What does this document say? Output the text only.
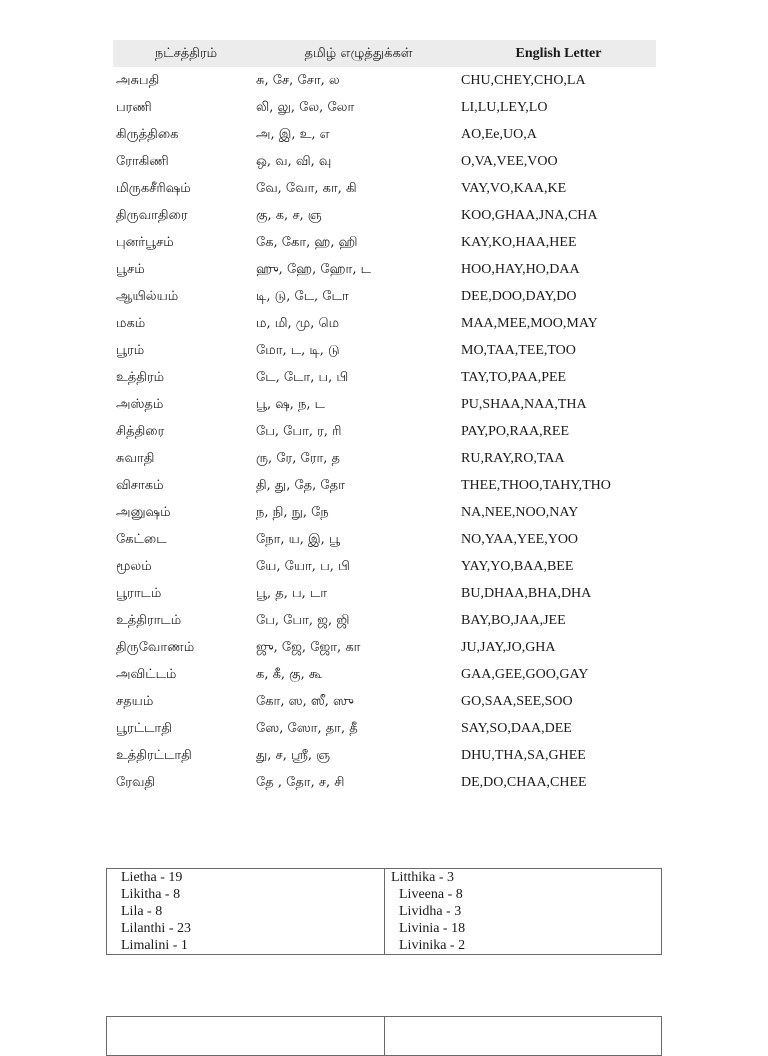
நட்சத்திரம்	தமிழ் எழுத்துக்கள்	English Letter
அசுபதி	சு, சே, சோ, ல	CHU,CHEY,CHO,LA
பரணி	லி, லு, லே, லோ	LI,LU,LEY,LO
கிருத்திகை	அ, இ, உ, எ	AO,Ee,UO,A
ரோகிணி	ஒ, வ, வி, வு	O,VA,VEE,VOO
மிருகசீரிஷம்	வே, வோ, கா, கி	VAY,VO,KAA,KE
திருவாதிரை	கு, க, ச, ஞ	KOO,GHAA,JNA,CHA
புனர்பூசம்	கே, கோ, ஹ, ஹி	KAY,KO,HAA,HEE
பூசம்	ஹு, ஹே, ஹோ, ட	HOO,HAY,HO,DAA
ஆயில்யம்	டி, டு, டே, டோ	DEE,DOO,DAY,DO
மகம்	ம, மி, மு, மெ	MAA,MEE,MOO,MAY
பூரம்	மோ, ட, டி, டு	MO,TAA,TEE,TOO
உத்திரம்	டே, டோ, ப, பி	TAY,TO,PAA,PEE
அஸ்தம்	பூ, ஷ, ந, ட	PU,SHAA,NAA,THA
சித்திரை	பே, போ, ர, ரி	PAY,PO,RAA,REE
சுவாதி	ரு, ரே, ரோ, த	RU,RAY,RO,TAA
விசாகம்	தி, து, தே, தோ	THEE,THOO,TAHY,THO
அனுஷம்	ந, நி, நு, நே	NA,NEE,NOO,NAY
கேட்டை	நோ, ய, இ, பூ	NO,YAA,YEE,YOO
மூலம்	யே, யோ, ப, பி	YAY,YO,BAA,BEE
பூராடம்	பூ, த, ப, டா	BU,DHAA,BHA,DHA
உத்திராடம்	பே, போ, ஜ, ஜி	BAY,BO,JAA,JEE
திருவோணம்	ஜு, ஜே, ஜோ, கா	JU,JAY,JO,GHA
அவிட்டம்	க, கீ, கு, கூ	GAA,GEE,GOO,GAY
சதயம்	கோ, ஸ, ஸீ, ஸு	GO,SAA,SEE,SOO
பூரட்டாதி	ஸே, ஸோ, தா, தீ	SAY,SO,DAA,DEE
உத்திரட்டாதி	து, ச, ஶ்ரீ, ஞ	DHU,THA,SA,GHEE
ரேவதி	தே , தோ, ச, சி	DE,DO,CHAA,CHEE
Lietha - 19
Likitha - 8
Lila - 8
Lilanthi - 23
Limalini - 1

Litthika - 3
Liveena - 8
Lividha - 3
Livinia - 18
Livinika - 2
